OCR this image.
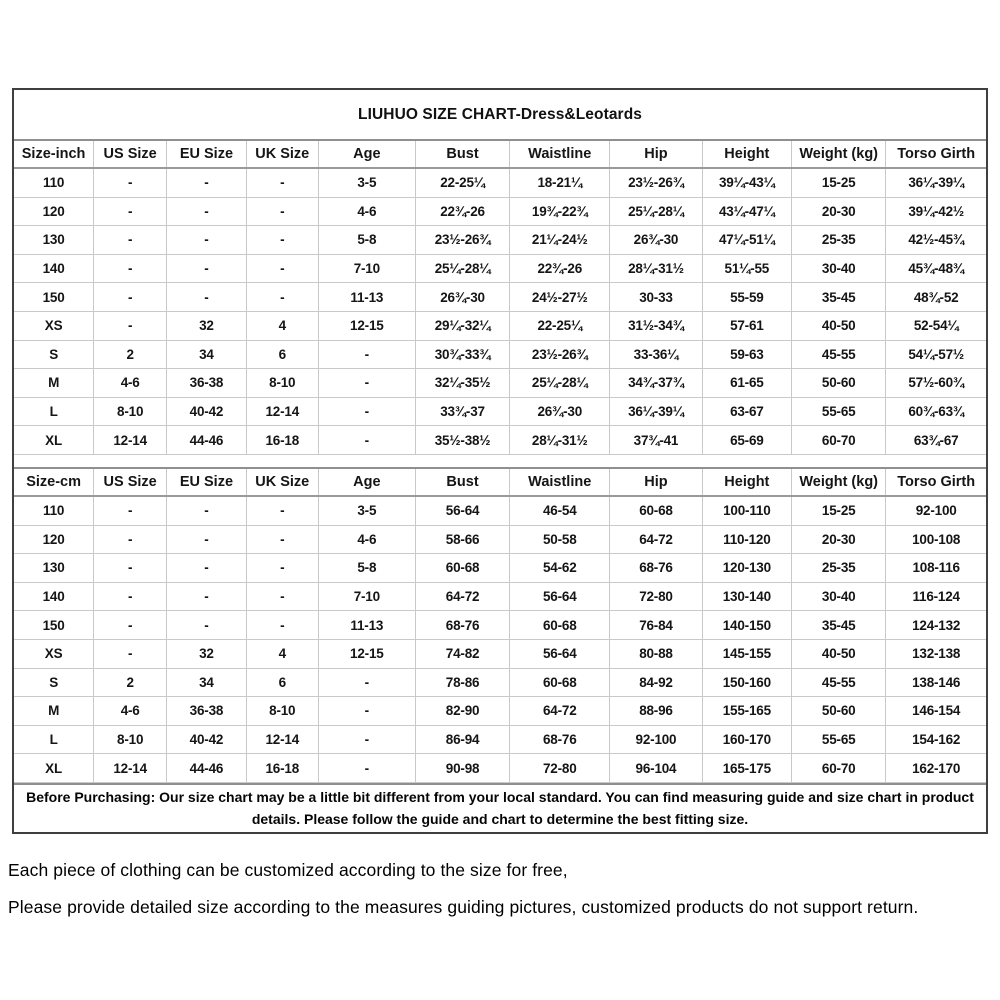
LIUHUO SIZE CHART-Dress&Leotards
Size-inch	US Size	EU Size	UK Size	Age	Bust	Waistline	Hip	Height	Weight (kg)	Torso Girth
110	-	-	-	3-5	22-25¼	18-21¼	23½-26¾	39¼-43¼	15-25	36¼-39¼
120	-	-	-	4-6	22¾-26	19¾-22¾	25¼-28¼	43¼-47¼	20-30	39¼-42½
130	-	-	-	5-8	23½-26¾	21¼-24½	26¾-30	47¼-51¼	25-35	42½-45¾
140	-	-	-	7-10	25¼-28¼	22¾-26	28¼-31½	51¼-55	30-40	45¾-48¾
150	-	-	-	11-13	26¾-30	24½-27½	30-33	55-59	35-45	48¾-52
XS	-	32	4	12-15	29¼-32¼	22-25¼	31½-34¾	57-61	40-50	52-54¼
S	2	34	6	-	30¾-33¾	23½-26¾	33-36¼	59-63	45-55	54¼-57½
M	4-6	36-38	8-10	-	32¼-35½	25¼-28¼	34¾-37¾	61-65	50-60	57½-60¾
L	8-10	40-42	12-14	-	33¾-37	26¾-30	36¼-39¼	63-67	55-65	60¾-63¾
XL	12-14	44-46	16-18	-	35½-38½	28¼-31½	37¾-41	65-69	60-70	63¾-67
Size-cm	US Size	EU Size	UK Size	Age	Bust	Waistline	Hip	Height	Weight (kg)	Torso Girth
110	-	-	-	3-5	56-64	46-54	60-68	100-110	15-25	92-100
120	-	-	-	4-6	58-66	50-58	64-72	110-120	20-30	100-108
130	-	-	-	5-8	60-68	54-62	68-76	120-130	25-35	108-116
140	-	-	-	7-10	64-72	56-64	72-80	130-140	30-40	116-124
150	-	-	-	11-13	68-76	60-68	76-84	140-150	35-45	124-132
XS	-	32	4	12-15	74-82	56-64	80-88	145-155	40-50	132-138
S	2	34	6	-	78-86	60-68	84-92	150-160	45-55	138-146
M	4-6	36-38	8-10	-	82-90	64-72	88-96	155-165	50-60	146-154
L	8-10	40-42	12-14	-	86-94	68-76	92-100	160-170	55-65	154-162
XL	12-14	44-46	16-18	-	90-98	72-80	96-104	165-175	60-70	162-170
Before Purchasing: Our size chart may be a little bit different from your local standard. You can find measuring guide and size chart in product details. Please follow the guide and chart to determine the best fitting size.
Each piece of clothing can be customized according to the size for free,
Please provide detailed size according to the measures guiding pictures, customized products do not support return.
